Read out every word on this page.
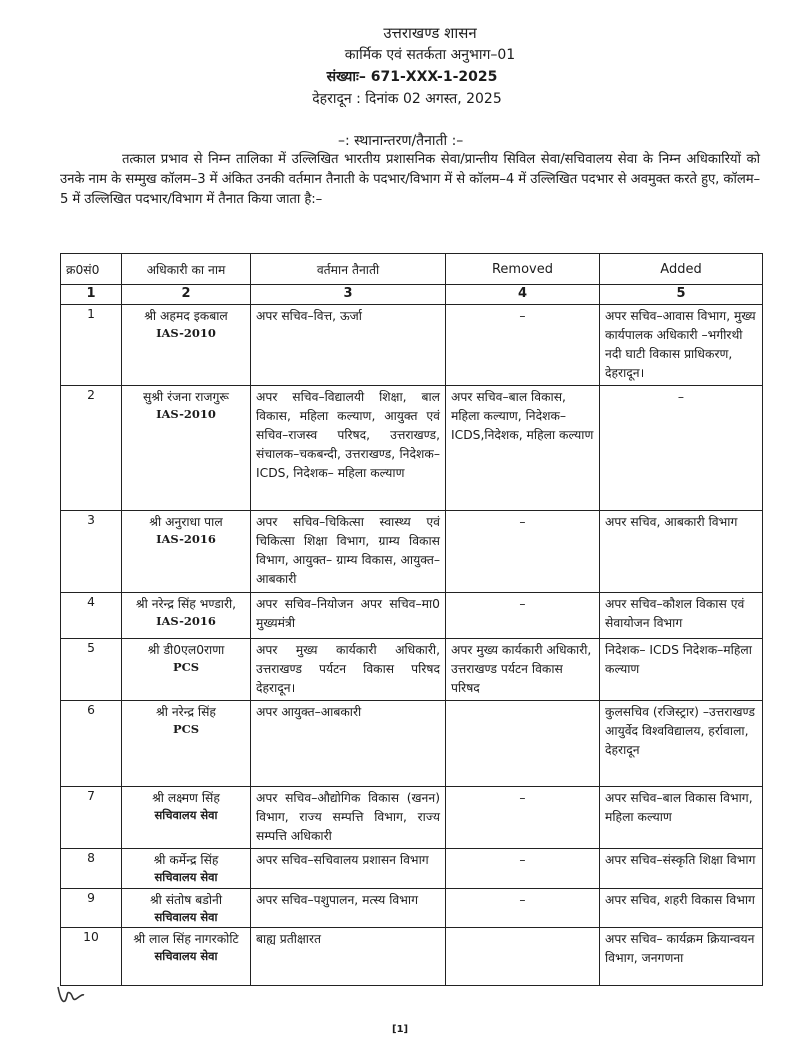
उत्तराखण्ड शासन
कार्मिक एवं सतर्कता अनुभाग–01
संख्याः– 671-XXX-1-2025
देहरादून : दिनांक 02 अगस्त, 2025
–: स्थानान्तरण/तैनाती :–

तत्काल प्रभाव से निम्न तालिका में उल्लिखित भारतीय प्रशासनिक सेवा/प्रान्तीय सिविल सेवा/सचिवालय सेवा के निम्न अधिकारियों को उनके नाम के सम्मुख कॉलम–3 में अंकित उनकी वर्तमान तैनाती के पदभार/विभाग में से कॉलम–4 में उल्लिखित पदभार से अवमुक्त करते हुए, कॉलम–5 में उल्लिखित पदभार/विभाग में तैनात किया जाता है:–

क्र0सं0	अधिकारी का नाम	वर्तमान तैनाती	Removed	Added
1	2	3	4	5
1	श्री अहमद इकबाल
IAS-2010	अपर सचिव–वित्त, ऊर्जा	–	अपर सचिव–आवास विभाग, मुख्य कार्यपालक अधिकारी –भगीरथी नदी घाटी विकास प्राधिकरण, देहरादून।
2	सुश्री रंजना राजगुरू
IAS-2010	अपर सचिव–विद्यालयी शिक्षा, बाल विकास, महिला कल्याण, आयुक्त एवं सचिव–राजस्व परिषद, उत्तराखण्ड, संचालक–चकबन्दी, उत्तराखण्ड, निदेशक– ICDS, निदेशक– महिला कल्याण	अपर सचिव–बाल विकास, महिला कल्याण, निदेशक–ICDS,निदेशक, महिला कल्याण	–

3	श्री अनुराधा पाल
IAS-2016	अपर सचिव–चिकित्सा स्वास्थ्य एवं चिकित्सा शिक्षा विभाग, ग्राम्य विकास विभाग, आयुक्त– ग्राम्य विकास, आयुक्त– आबकारी	–	अपर सचिव, आबकारी विभाग
4	श्री नरेन्द्र सिंह भण्डारी,
IAS-2016	अपर सचिव–नियोजन अपर सचिव–मा0 मुख्यमंत्री	–	अपर सचिव–कौशल विकास एवं सेवायोजन विभाग
5	श्री डी0एल0राणा
PCS	अपर मुख्य कार्यकारी अधिकारी, उत्तराखण्ड पर्यटन विकास परिषद देहरादून।	अपर मुख्य कार्यकारी अधिकारी, उत्तराखण्ड पर्यटन विकास परिषद	निदेशक– ICDS निदेशक–महिला कल्याण
6	श्री नरेन्द्र सिंह
PCS	अपर आयुक्त–आबकारी		कुलसचिव (रजिस्ट्रार) –उत्तराखण्ड आयुर्वेद विश्वविद्यालय, हर्रावाला, देहरादून
7	श्री लक्ष्मण सिंह
सचिवालय सेवा	अपर सचिव–औद्योगिक विकास (खनन) विभाग, राज्य सम्पत्ति विभाग, राज्य सम्पत्ति अधिकारी	–	अपर सचिव–बाल विकास विभाग, महिला कल्याण
8	श्री कर्मेन्द्र सिंह
सचिवालय सेवा	अपर सचिव–सचिवालय प्रशासन विभाग	–	अपर सचिव–संस्कृति शिक्षा विभाग
9	श्री संतोष बडोनी
सचिवालय सेवा	अपर सचिव–पशुपालन, मत्स्य विभाग	–	अपर सचिव, शहरी विकास विभाग
10	श्री लाल सिंह नागरकोटि
सचिवालय सेवा	बाह्य प्रतीक्षारत		अपर सचिव– कार्यक्रम क्रियान्वयन विभाग, जनगणना
[1]
